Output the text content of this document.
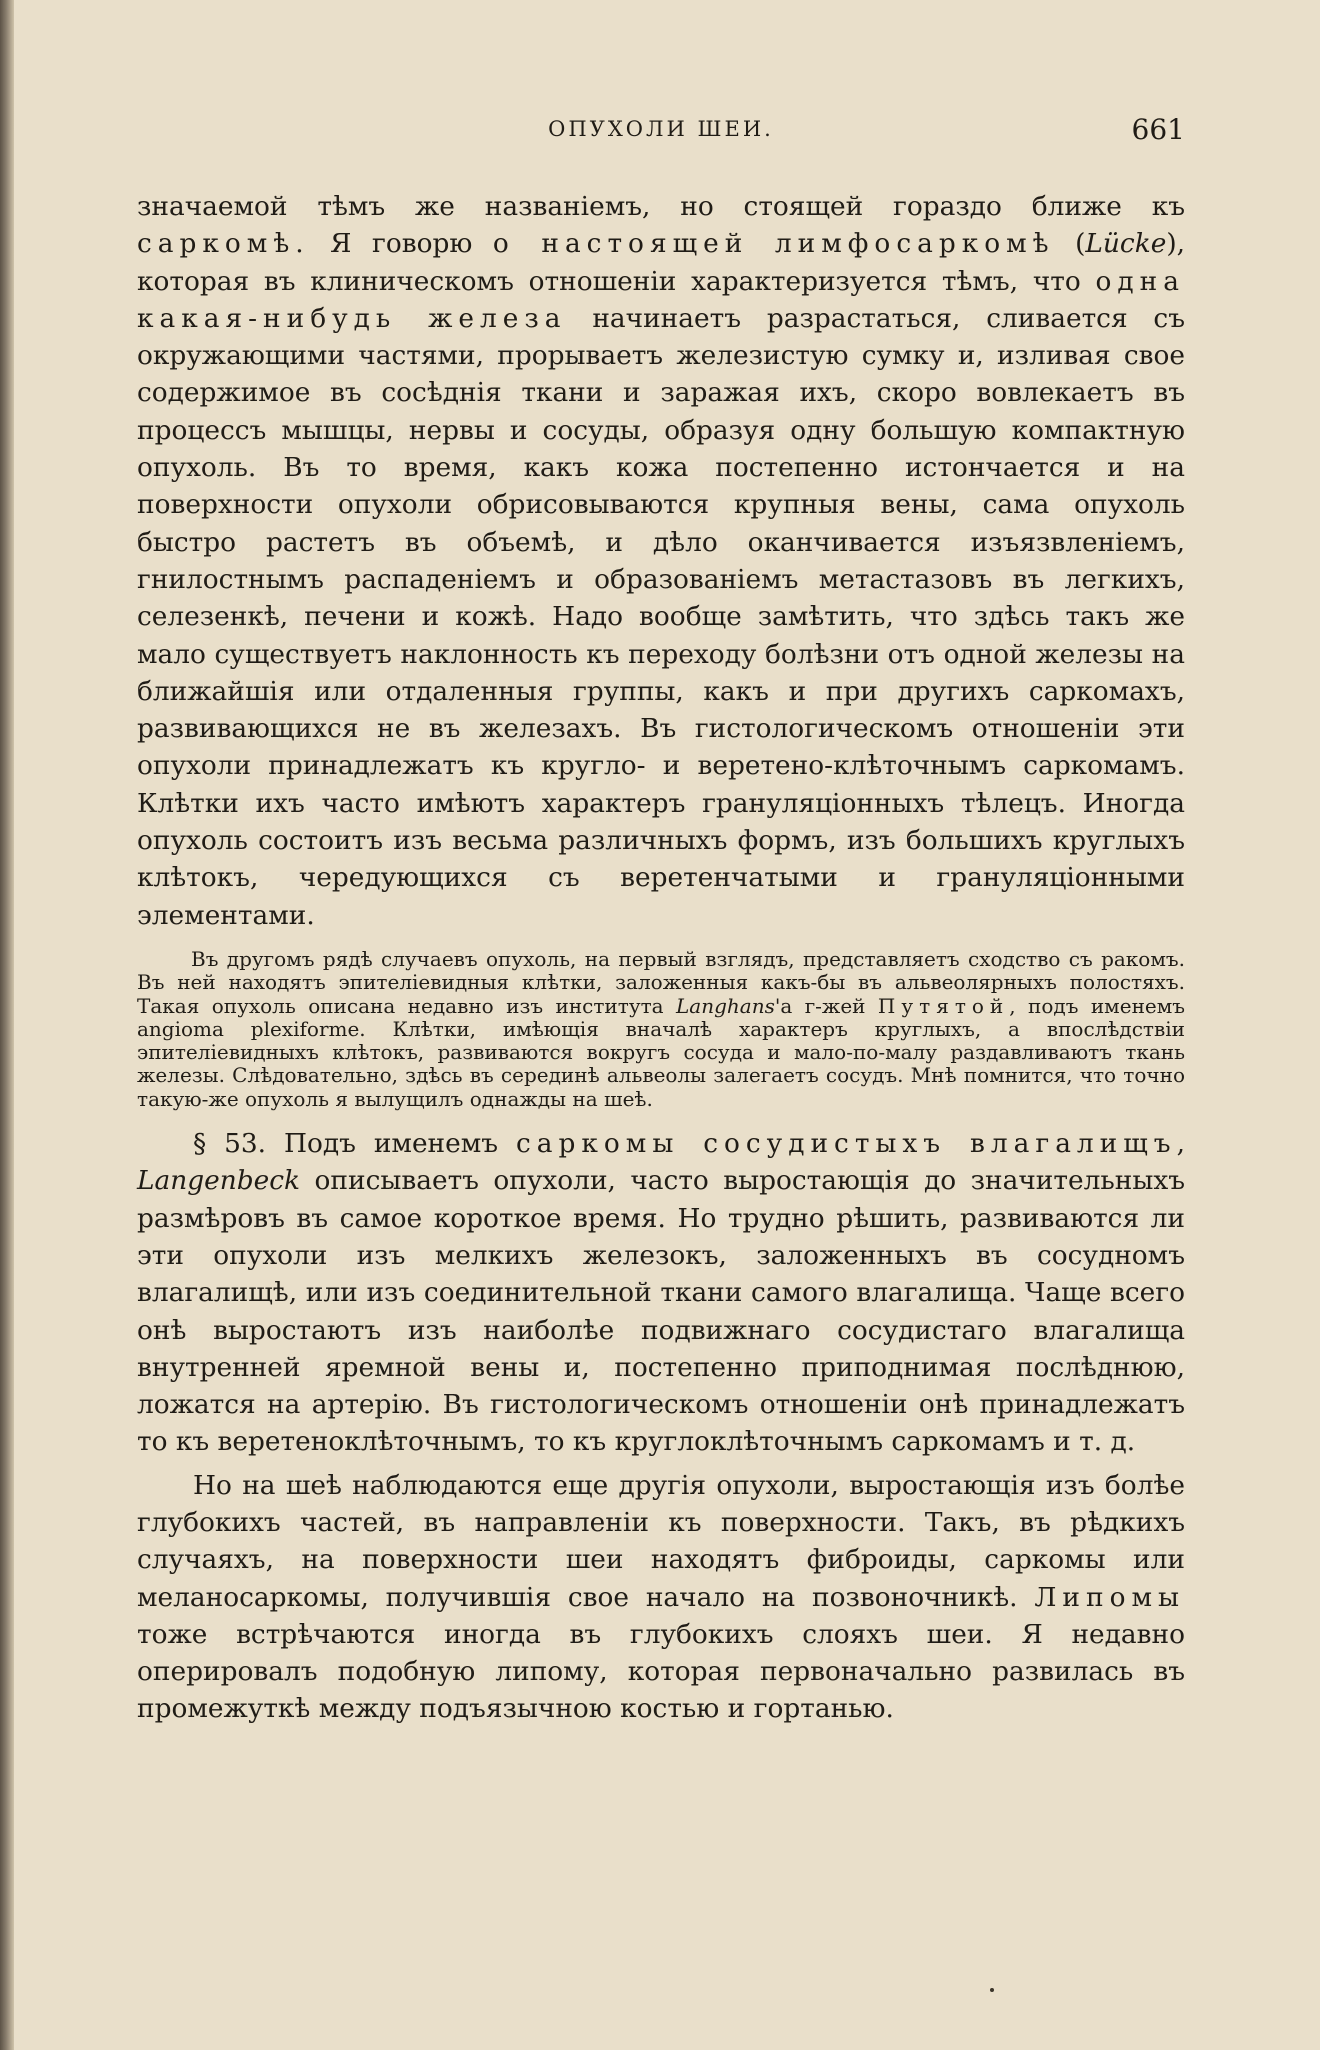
ОПУХОЛИ ШЕИ.	661

значаемой тѣмъ же названіемъ, но стоящей гораздо ближе къ саркомѣ. Я говорю о настоящей лимфосаркомѣ (Lücke), которая въ клиническомъ отношеніи характеризуется тѣмъ, что одна какая-нибудь железа начинаетъ разрастаться, сливается съ окружающими частями, прорываетъ железистую сумку и, изливая свое содержимое въ сосѣднія ткани и заражая ихъ, скоро вовлекаетъ въ процессъ мышцы, нервы и сосуды, образуя одну большую компактную опухоль. Въ то время, какъ кожа постепенно истончается и на поверхности опухоли обрисовываются крупныя вены, сама опухоль быстро растетъ въ объемѣ, и дѣло оканчивается изъязвленіемъ, гнилостнымъ распаденіемъ и образованіемъ метастазовъ въ легкихъ, селезенкѣ, печени и кожѣ. Надо вообще замѣтить, что здѣсь такъ же мало существуетъ наклонность къ переходу болѣзни отъ одной железы на ближайшія или отдаленныя группы, какъ и при другихъ саркомахъ, развивающихся не въ железахъ. Въ гистологическомъ отношеніи эти опухоли принадлежатъ къ кругло- и веретено-клѣточнымъ саркомамъ. Клѣтки ихъ часто имѣютъ характеръ грануляціонныхъ тѣлецъ. Иногда опухоль состоитъ изъ весьма различныхъ формъ, изъ большихъ круглыхъ клѣтокъ, чередующихся съ веретенчатыми и грануляціонными элементами.

Въ другомъ рядѣ случаевъ опухоль, на первый взглядъ, представляетъ сходство съ ракомъ. Въ ней находятъ эпителіевидныя клѣтки, заложенныя какъ-бы въ альвеолярныхъ полостяхъ. Такая опухоль описана недавно изъ института Langhans'а г-жей Путятой, подъ именемъ angioma plexiforme. Клѣтки, имѣющія вначалѣ характеръ круглыхъ, а впослѣдствіи эпителіевидныхъ клѣтокъ, развиваются вокругъ сосуда и мало-по-малу раздавливаютъ ткань железы. Слѣдовательно, здѣсь въ серединѣ альвеолы залегаетъ сосудъ. Мнѣ помнится, что точно такую-же опухоль я вылущилъ однажды на шеѣ.

§ 53. Подъ именемъ саркомы сосудистыхъ влагалищъ, Langenbeck описываетъ опухоли, часто выростающія до значительныхъ размѣровъ въ самое короткое время. Но трудно рѣшить, развиваются ли эти опухоли изъ мелкихъ железокъ, заложенныхъ въ сосудномъ влагалищѣ, или изъ соединительной ткани самого влагалища. Чаще всего онѣ выростаютъ изъ наиболѣе подвижнаго сосудистаго влагалища внутренней яремной вены и, постепенно приподнимая послѣднюю, ложатся на артерію. Въ гистологическомъ отношеніи онѣ принадлежатъ то къ веретеноклѣточнымъ, то къ круглоклѣточнымъ саркомамъ и т. д.

Но на шеѣ наблюдаются еще другія опухоли, выростающія изъ болѣе глубокихъ частей, въ направленіи къ поверхности. Такъ, въ рѣдкихъ случаяхъ, на поверхности шеи находятъ фиброиды, саркомы или меланосаркомы, получившія свое начало на позвоночникѣ. Липомы тоже встрѣчаются иногда въ глубокихъ слояхъ шеи. Я недавно оперировалъ подобную липому, которая первоначально развилась въ промежуткѣ между подъязычною костью и гортанью.
